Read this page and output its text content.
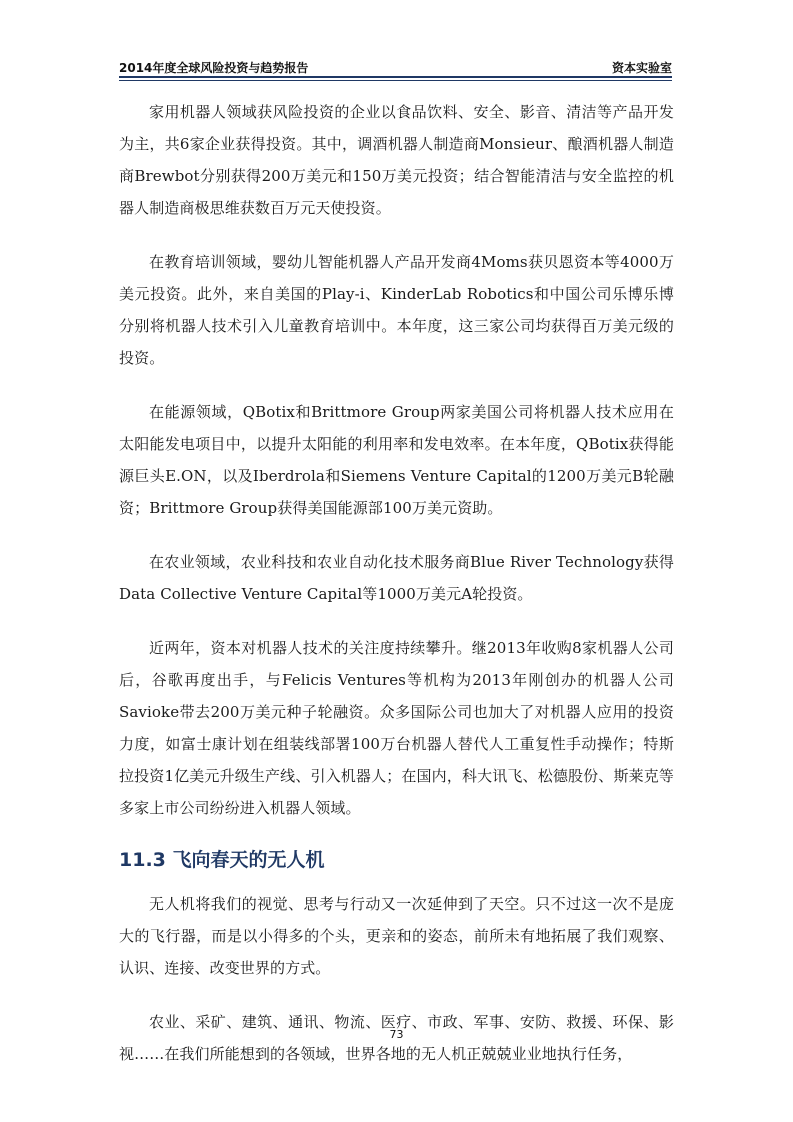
2014年度全球风险投资与趋势报告	资本实验室

家用机器人领域获风险投资的企业以食品饮料、安全、影音、清洁等产品开发为主，共6家企业获得投资。其中，调酒机器人制造商Monsieur、酿酒机器人制造商Brewbot分别获得200万美元和150万美元投资；结合智能清洁与安全监控的机器人制造商极思维获数百万元天使投资。

在教育培训领域，婴幼儿智能机器人产品开发商4Moms获贝恩资本等4000万美元投资。此外，来自美国的Play-i、KinderLab Robotics和中国公司乐博乐博分别将机器人技术引入儿童教育培训中。本年度，这三家公司均获得百万美元级的投资。

在能源领域，QBotix和Brittmore Group两家美国公司将机器人技术应用在太阳能发电项目中，以提升太阳能的利用率和发电效率。在本年度，QBotix获得能源巨头E.ON，以及Iberdrola和Siemens Venture Capital的1200万美元B轮融资；Brittmore Group获得美国能源部100万美元资助。

在农业领域，农业科技和农业自动化技术服务商Blue River Technology获得Data Collective Venture Capital等1000万美元A轮投资。

近两年，资本对机器人技术的关注度持续攀升。继2013年收购8家机器人公司后，谷歌再度出手，与Felicis Ventures等机构为2013年刚创办的机器人公司Savioke带去200万美元种子轮融资。众多国际公司也加大了对机器人应用的投资力度，如富士康计划在组装线部署100万台机器人替代人工重复性手动操作；特斯拉投资1亿美元升级生产线、引入机器人；在国内，科大讯飞、松德股份、斯莱克等多家上市公司纷纷进入机器人领域。

11.3 飞向春天的无人机

无人机将我们的视觉、思考与行动又一次延伸到了天空。只不过这一次不是庞大的飞行器，而是以小得多的个头，更亲和的姿态，前所未有地拓展了我们观察、认识、连接、改变世界的方式。

农业、采矿、建筑、通讯、物流、医疗、市政、军事、安防、救援、环保、影视……在我们所能想到的各领域，世界各地的无人机正兢兢业业地执行任务，

73
